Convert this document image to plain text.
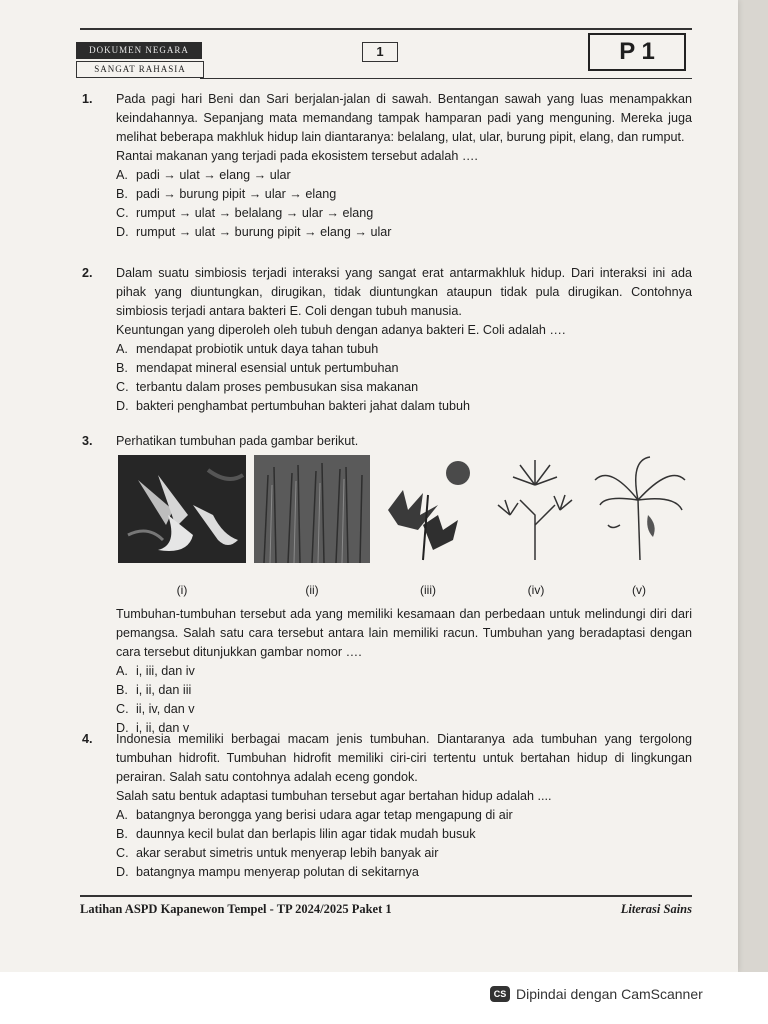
DOKUMEN NEGARA
SANGAT RAHASIA
1	P 1
1. Pada pagi hari Beni dan Sari berjalan-jalan di sawah. Bentangan sawah yang luas menampakkan keindahannya. Sepanjang mata memandang tampak hamparan padi yang menguning. Mereka juga melihat beberapa makhluk hidup lain diantaranya: belalang, ulat, ular, burung pipit, elang, dan rumput.

Rantai makanan yang terjadi pada ekosistem tersebut adalah ….

A. padi → ulat → elang → ular
B. padi → burung pipit → ular → elang
C. rumput → ulat → belalang → ular → elang
D. rumput → ulat → burung pipit → elang → ular
2. Dalam suatu simbiosis terjadi interaksi yang sangat erat antarmakhluk hidup. Dari interaksi ini ada pihak yang diuntungkan, dirugikan, tidak diuntungkan ataupun tidak pula dirugikan. Contohnya simbiosis terjadi antara bakteri E. Coli dengan tubuh manusia.

Keuntungan yang diperoleh oleh tubuh dengan adanya bakteri E. Coli adalah ….

A. mendapat probiotik untuk daya tahan tubuh
B. mendapat mineral esensial untuk pertumbuhan
C. terbantu dalam proses pembusukan sisa makanan
D. bakteri penghambat pertumbuhan bakteri jahat dalam tubuh
3. Perhatikan tumbuhan pada gambar berikut.

(i)	(ii)	(iii)	(iv)	(v)

Tumbuhan-tumbuhan tersebut ada yang memiliki kesamaan dan perbedaan untuk melindungi diri dari pemangsa. Salah satu cara tersebut antara lain memiliki racun. Tumbuhan yang beradaptasi dengan cara tersebut ditunjukkan gambar nomor ….

A. i, iii, dan iv
B. i, ii, dan iii
C. ii, iv, dan v
D. i, ii, dan v
4. Indonesia memiliki berbagai macam jenis tumbuhan. Diantaranya ada tumbuhan yang tergolong tumbuhan hidrofit. Tumbuhan hidrofit memiliki ciri-ciri tertentu untuk bertahan hidup di lingkungan perairan. Salah satu contohnya adalah eceng gondok.

Salah satu bentuk adaptasi tumbuhan tersebut agar bertahan hidup adalah ....

A. batangnya berongga yang berisi udara agar tetap mengapung di air
B. daunnya kecil bulat dan berlapis lilin agar tidak mudah busuk
C. akar serabut simetris untuk menyerap lebih banyak air
D. batangnya mampu menyerap polutan di sekitarnya
Latihan ASPD Kapanewon Tempel - TP 2024/2025 Paket 1	Literasi Sains
CS Dipindai dengan CamScanner
